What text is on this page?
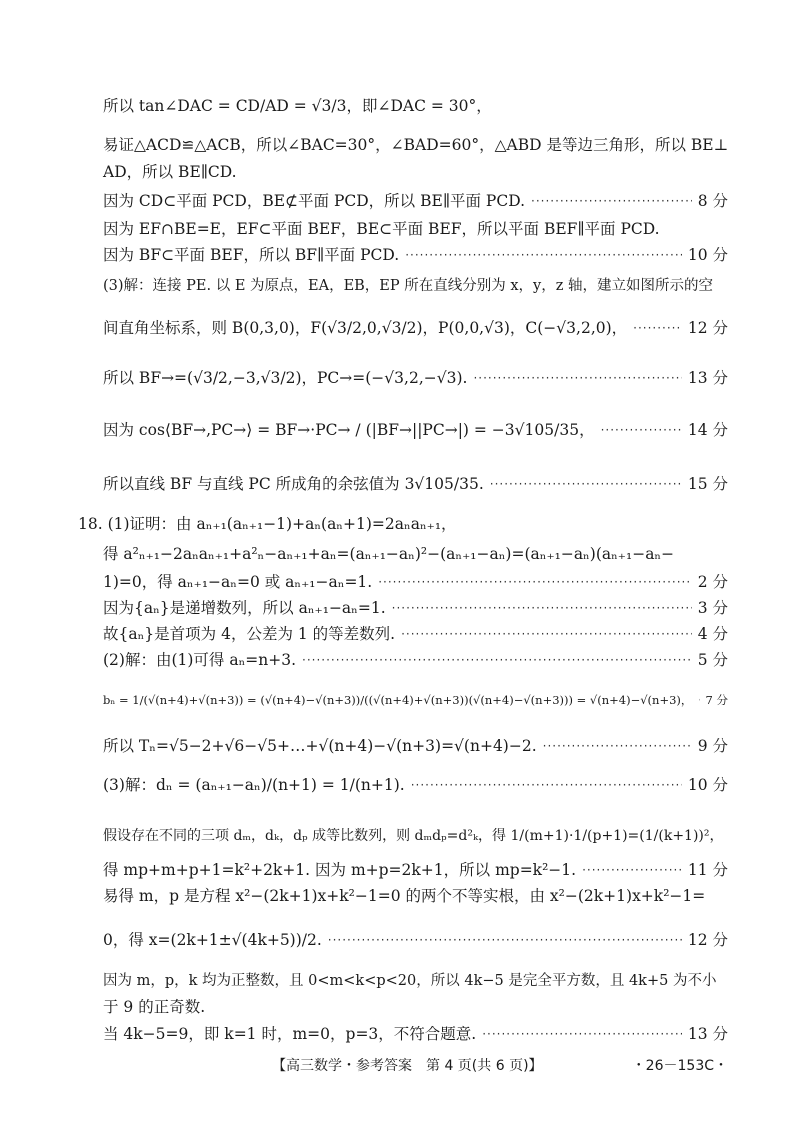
所以 tan∠DAC = CD/AD = √3/3，即∠DAC = 30°，
易证△ACD≌△ACB，所以∠BAC=30°，∠BAD=60°，△ABD 是等边三角形，所以 BE⊥
AD，所以 BE∥CD.
因为 CD⊂平面 PCD，BE⊄平面 PCD，所以 BE∥平面 PCD. ·····	8 分
因为 EF∩BE=E，EF⊂平面 BEF，BE⊂平面 BEF，所以平面 BEF∥平面 PCD.
因为 BF⊂平面 BEF，所以 BF∥平面 PCD. ·····	10 分
(3)解：连接 PE. 以 E 为原点，EA，EB，EP 所在直线分别为 x，y，z 轴，建立如图所示的空
间直角坐标系，则 B(0,3,0)，F(√3/2,0,√3/2)，P(0,0,√3)，C(−√3,2,0)， ·····	12 分
所以 BF→=(√3/2,−3,√3/2)，PC→=(−√3,2,−√3). ·····	13 分
因为 cos⟨BF→,PC→⟩ = BF→·PC→ / (|BF→||PC→|) = −3√105/35， ·····	14 分
所以直线 BF 与直线 PC 所成角的余弦值为 3√105/35. ·····	15 分
18. (1)证明：由 aₙ₊₁(aₙ₊₁−1)+aₙ(aₙ+1)=2aₙaₙ₊₁，
得 a²ₙ₊₁−2aₙaₙ₊₁+a²ₙ−aₙ₊₁+aₙ=(aₙ₊₁−aₙ)²−(aₙ₊₁−aₙ)=(aₙ₊₁−aₙ)(aₙ₊₁−aₙ−
1)=0，得 aₙ₊₁−aₙ=0 或 aₙ₊₁−aₙ=1. ·····	2 分
因为{aₙ}是递增数列，所以 aₙ₊₁−aₙ=1. ·····	3 分
故{aₙ}是首项为 4，公差为 1 的等差数列. ·····	4 分
(2)解：由(1)可得 aₙ=n+3. ·····	5 分
bₙ = 1/(√(n+4)+√(n+3)) = (√(n+4)−√(n+3))/((√(n+4)+√(n+3))(√(n+4)−√(n+3))) = √(n+4)−√(n+3)， ····· 7 分
所以 Tₙ=√5−2+√6−√5+…+√(n+4)−√(n+3)=√(n+4)−2. ·····	9 分
(3)解：dₙ = (aₙ₊₁−aₙ)/(n+1) = 1/(n+1). ·····	10 分
假设存在不同的三项 dₘ，dₖ，dₚ 成等比数列，则 dₘdₚ=d²ₖ，得 1/(m+1)·1/(p+1)=(1/(k+1))²，
得 mp+m+p+1=k²+2k+1. 因为 m+p=2k+1，所以 mp=k²−1. ·····	11 分
易得 m，p 是方程 x²−(2k+1)x+k²−1=0 的两个不等实根，由 x²−(2k+1)x+k²−1=
0，得 x=(2k+1±√(4k+5))/2. ·····	12 分
因为 m，p，k 均为正整数，且 0<m<k<p<20，所以 4k−5 是完全平方数，且 4k+5 为不小
于 9 的正奇数.
当 4k−5=9，即 k=1 时，m=0，p=3，不符合题意. ·····	13 分
【高三数学・参考答案　第 4 页(共 6 页)】	・26－153C・
